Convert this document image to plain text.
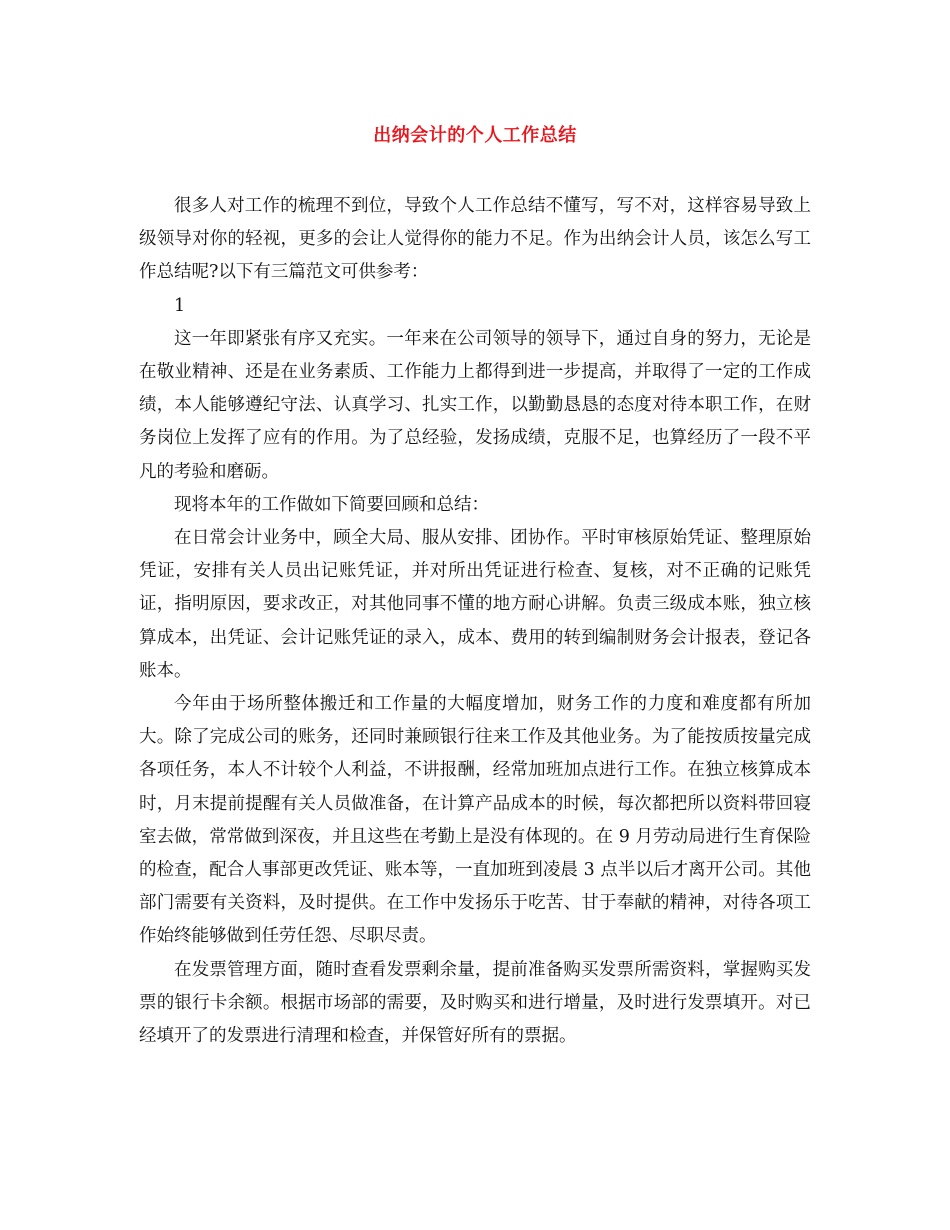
出纳会计的个人工作总结

很多人对工作的梳理不到位，导致个人工作总结不懂写，写不对，这样容易导致上级领导对你的轻视，更多的会让人觉得你的能力不足。作为出纳会计人员，该怎么写工作总结呢?以下有三篇范文可供参考：

1

这一年即紧张有序又充实。一年来在公司领导的领导下，通过自身的努力，无论是在敬业精神、还是在业务素质、工作能力上都得到进一步提高，并取得了一定的工作成绩，本人能够遵纪守法、认真学习、扎实工作，以勤勤恳恳的态度对待本职工作，在财务岗位上发挥了应有的作用。为了总经验，发扬成绩，克服不足，也算经历了一段不平凡的考验和磨砺。

现将本年的工作做如下简要回顾和总结：

在日常会计业务中，顾全大局、服从安排、团协作。平时审核原始凭证、整理原始凭证，安排有关人员出记账凭证，并对所出凭证进行检查、复核，对不正确的记账凭证，指明原因，要求改正，对其他同事不懂的地方耐心讲解。负责三级成本账，独立核算成本，出凭证、会计记账凭证的录入，成本、费用的转到编制财务会计报表，登记各账本。

今年由于场所整体搬迁和工作量的大幅度增加，财务工作的力度和难度都有所加大。除了完成公司的账务，还同时兼顾银行往来工作及其他业务。为了能按质按量完成各项任务，本人不计较个人利益，不讲报酬，经常加班加点进行工作。在独立核算成本时，月末提前提醒有关人员做准备，在计算产品成本的时候，每次都把所以资料带回寝室去做，常常做到深夜，并且这些在考勤上是没有体现的。在 9 月劳动局进行生育保险的检查，配合人事部更改凭证、账本等，一直加班到凌晨 3 点半以后才离开公司。其他部门需要有关资料，及时提供。在工作中发扬乐于吃苦、甘于奉献的精神，对待各项工作始终能够做到任劳任怨、尽职尽责。

在发票管理方面，随时查看发票剩余量，提前准备购买发票所需资料，掌握购买发票的银行卡余额。根据市场部的需要，及时购买和进行增量，及时进行发票填开。对已经填开了的发票进行清理和检查，并保管好所有的票据。
